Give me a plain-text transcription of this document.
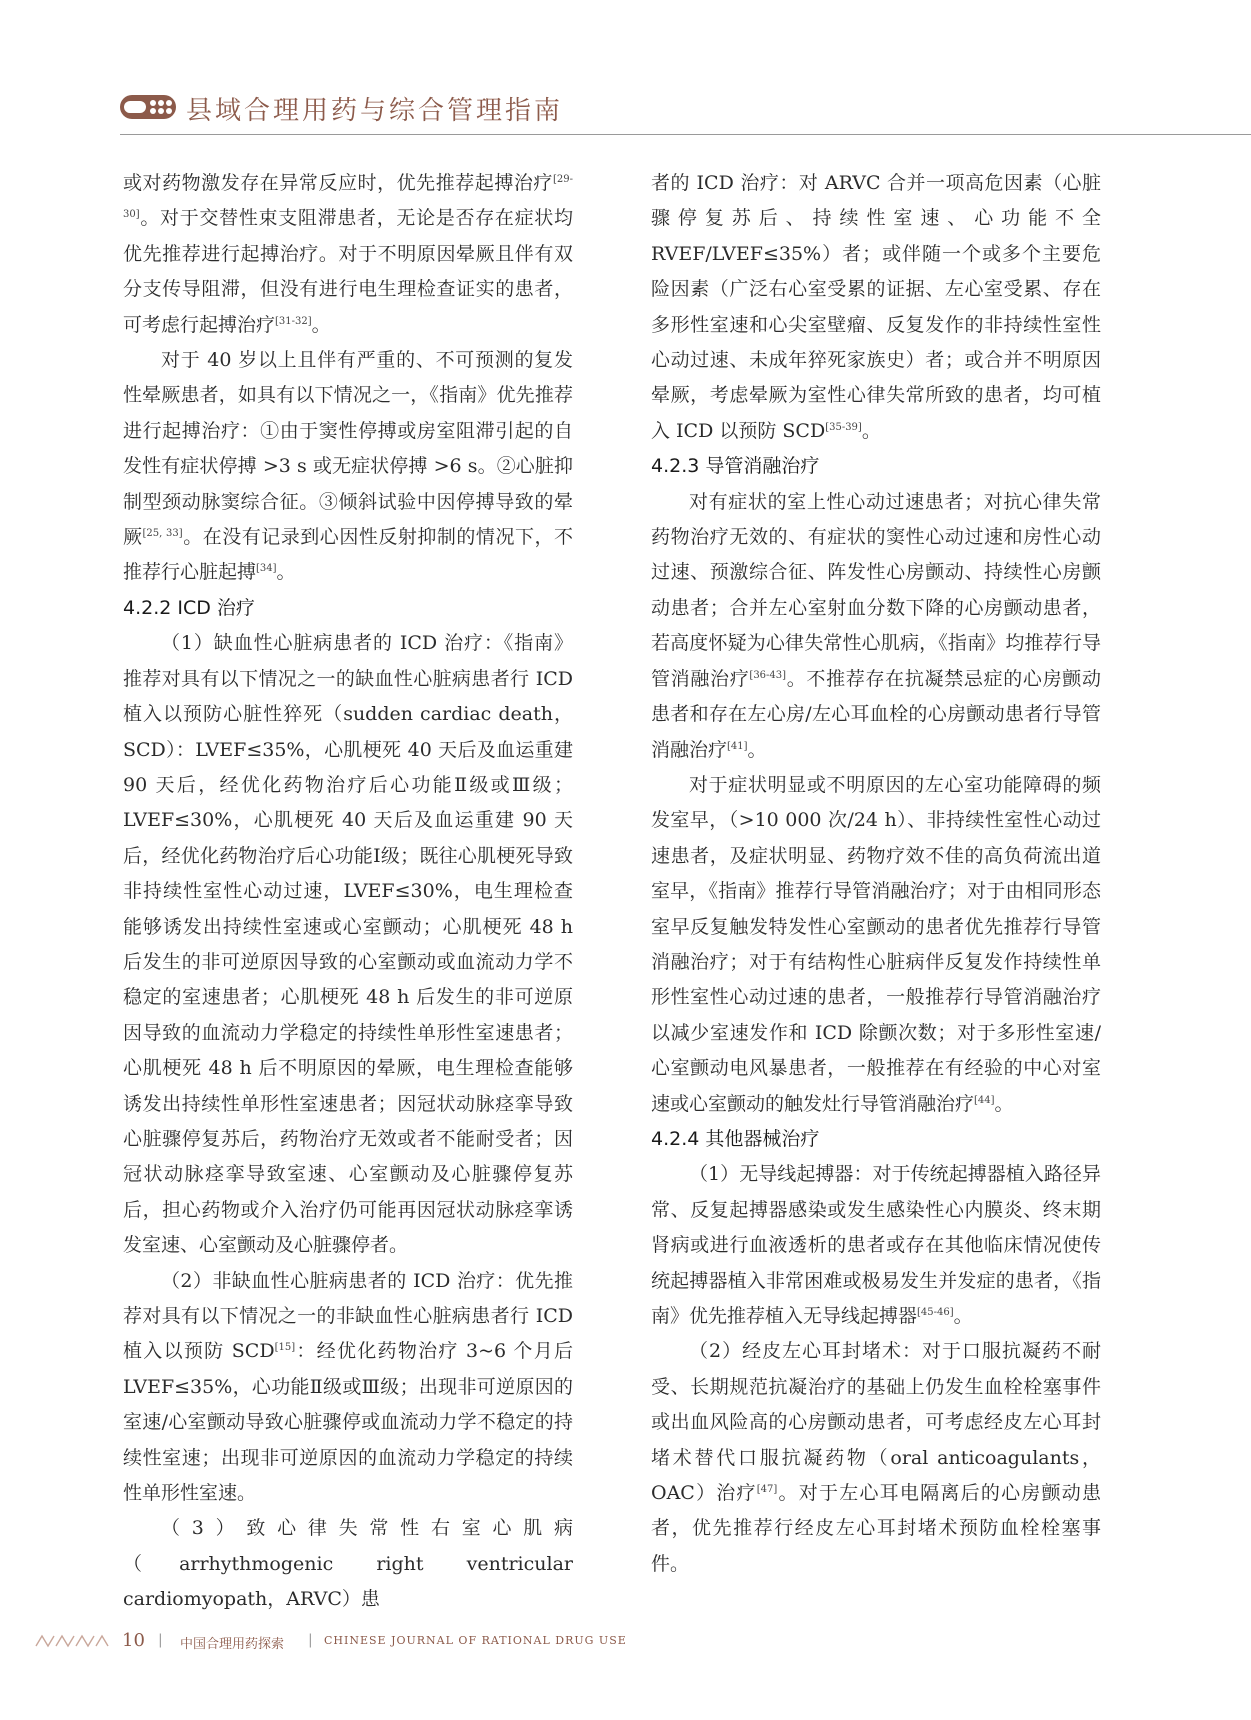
县域合理用药与综合管理指南

或对药物激发存在异常反应时，优先推荐起搏治疗[29-30]。对于交替性束支阻滞患者，无论是否存在症状均优先推荐进行起搏治疗。对于不明原因晕厥且伴有双分支传导阻滞，但没有进行电生理检查证实的患者，可考虑行起搏治疗[31-32]。

对于 40 岁以上且伴有严重的、不可预测的复发性晕厥患者，如具有以下情况之一，《指南》优先推荐进行起搏治疗：①由于窦性停搏或房室阻滞引起的自发性有症状停搏 >3 s 或无症状停搏 >6 s。②心脏抑制型颈动脉窦综合征。③倾斜试验中因停搏导致的晕厥[25, 33]。在没有记录到心因性反射抑制的情况下，不推荐行心脏起搏[34]。

4.2.2 ICD 治疗

（1）缺血性心脏病患者的 ICD 治疗：《指南》推荐对具有以下情况之一的缺血性心脏病患者行 ICD 植入以预防心脏性猝死（sudden cardiac death，SCD）：LVEF≤35%，心肌梗死 40 天后及血运重建 90 天后，经优化药物治疗后心功能Ⅱ级或Ⅲ级；LVEF≤30%，心肌梗死 40 天后及血运重建 90 天后，经优化药物治疗后心功能Ⅰ级；既往心肌梗死导致非持续性室性心动过速，LVEF≤30%，电生理检查能够诱发出持续性室速或心室颤动；心肌梗死 48 h 后发生的非可逆原因导致的心室颤动或血流动力学不稳定的室速患者；心肌梗死 48 h 后发生的非可逆原因导致的血流动力学稳定的持续性单形性室速患者；心肌梗死 48 h 后不明原因的晕厥，电生理检查能够诱发出持续性单形性室速患者；因冠状动脉痉挛导致心脏骤停复苏后，药物治疗无效或者不能耐受者；因冠状动脉痉挛导致室速、心室颤动及心脏骤停复苏后，担心药物或介入治疗仍可能再因冠状动脉痉挛诱发室速、心室颤动及心脏骤停者。

（2）非缺血性心脏病患者的 ICD 治疗：优先推荐对具有以下情况之一的非缺血性心脏病患者行 ICD 植入以预防 SCD[15]：经优化药物治疗 3~6 个月后 LVEF≤35%，心功能Ⅱ级或Ⅲ级；出现非可逆原因的室速/心室颤动导致心脏骤停或血流动力学不稳定的持续性室速；出现非可逆原因的血流动力学稳定的持续性单形性室速。

（3）致心律失常性右室心肌病（arrhythmogenic right ventricular cardiomyopath，ARVC）患

者的 ICD 治疗：对 ARVC 合并一项高危因素（心脏骤停复苏后、持续性室速、心功能不全 RVEF/LVEF≤35%）者；或伴随一个或多个主要危险因素（广泛右心室受累的证据、左心室受累、存在多形性室速和心尖室壁瘤、反复发作的非持续性室性心动过速、未成年猝死家族史）者；或合并不明原因晕厥，考虑晕厥为室性心律失常所致的患者，均可植入 ICD 以预防 SCD[35-39]。

4.2.3 导管消融治疗

对有症状的室上性心动过速患者；对抗心律失常药物治疗无效的、有症状的窦性心动过速和房性心动过速、预激综合征、阵发性心房颤动、持续性心房颤动患者；合并左心室射血分数下降的心房颤动患者，若高度怀疑为心律失常性心肌病，《指南》均推荐行导管消融治疗[36-43]。不推荐存在抗凝禁忌症的心房颤动患者和存在左心房/左心耳血栓的心房颤动患者行导管消融治疗[41]。

对于症状明显或不明原因的左心室功能障碍的频发室早，（>10 000 次/24 h）、非持续性室性心动过速患者，及症状明显、药物疗效不佳的高负荷流出道室早，《指南》推荐行导管消融治疗；对于由相同形态室早反复触发特发性心室颤动的患者优先推荐行导管消融治疗；对于有结构性心脏病伴反复发作持续性单形性室性心动过速的患者，一般推荐行导管消融治疗以减少室速发作和 ICD 除颤次数；对于多形性室速/心室颤动电风暴患者，一般推荐在有经验的中心对室速或心室颤动的触发灶行导管消融治疗[44]。

4.2.4 其他器械治疗

（1）无导线起搏器：对于传统起搏器植入路径异常、反复起搏器感染或发生感染性心内膜炎、终末期肾病或进行血液透析的患者或存在其他临床情况使传统起搏器植入非常困难或极易发生并发症的患者，《指南》优先推荐植入无导线起搏器[45-46]。

（2）经皮左心耳封堵术：对于口服抗凝药不耐受、长期规范抗凝治疗的基础上仍发生血栓栓塞事件或出血风险高的心房颤动患者，可考虑经皮左心耳封堵术替代口服抗凝药物（oral anticoagulants，OAC）治疗[47]。对于左心耳电隔离后的心房颤动患者，优先推荐行经皮左心耳封堵术预防血栓栓塞事件。

10 | 中国合理用药探索 | CHINESE JOURNAL OF RATIONAL DRUG USE
